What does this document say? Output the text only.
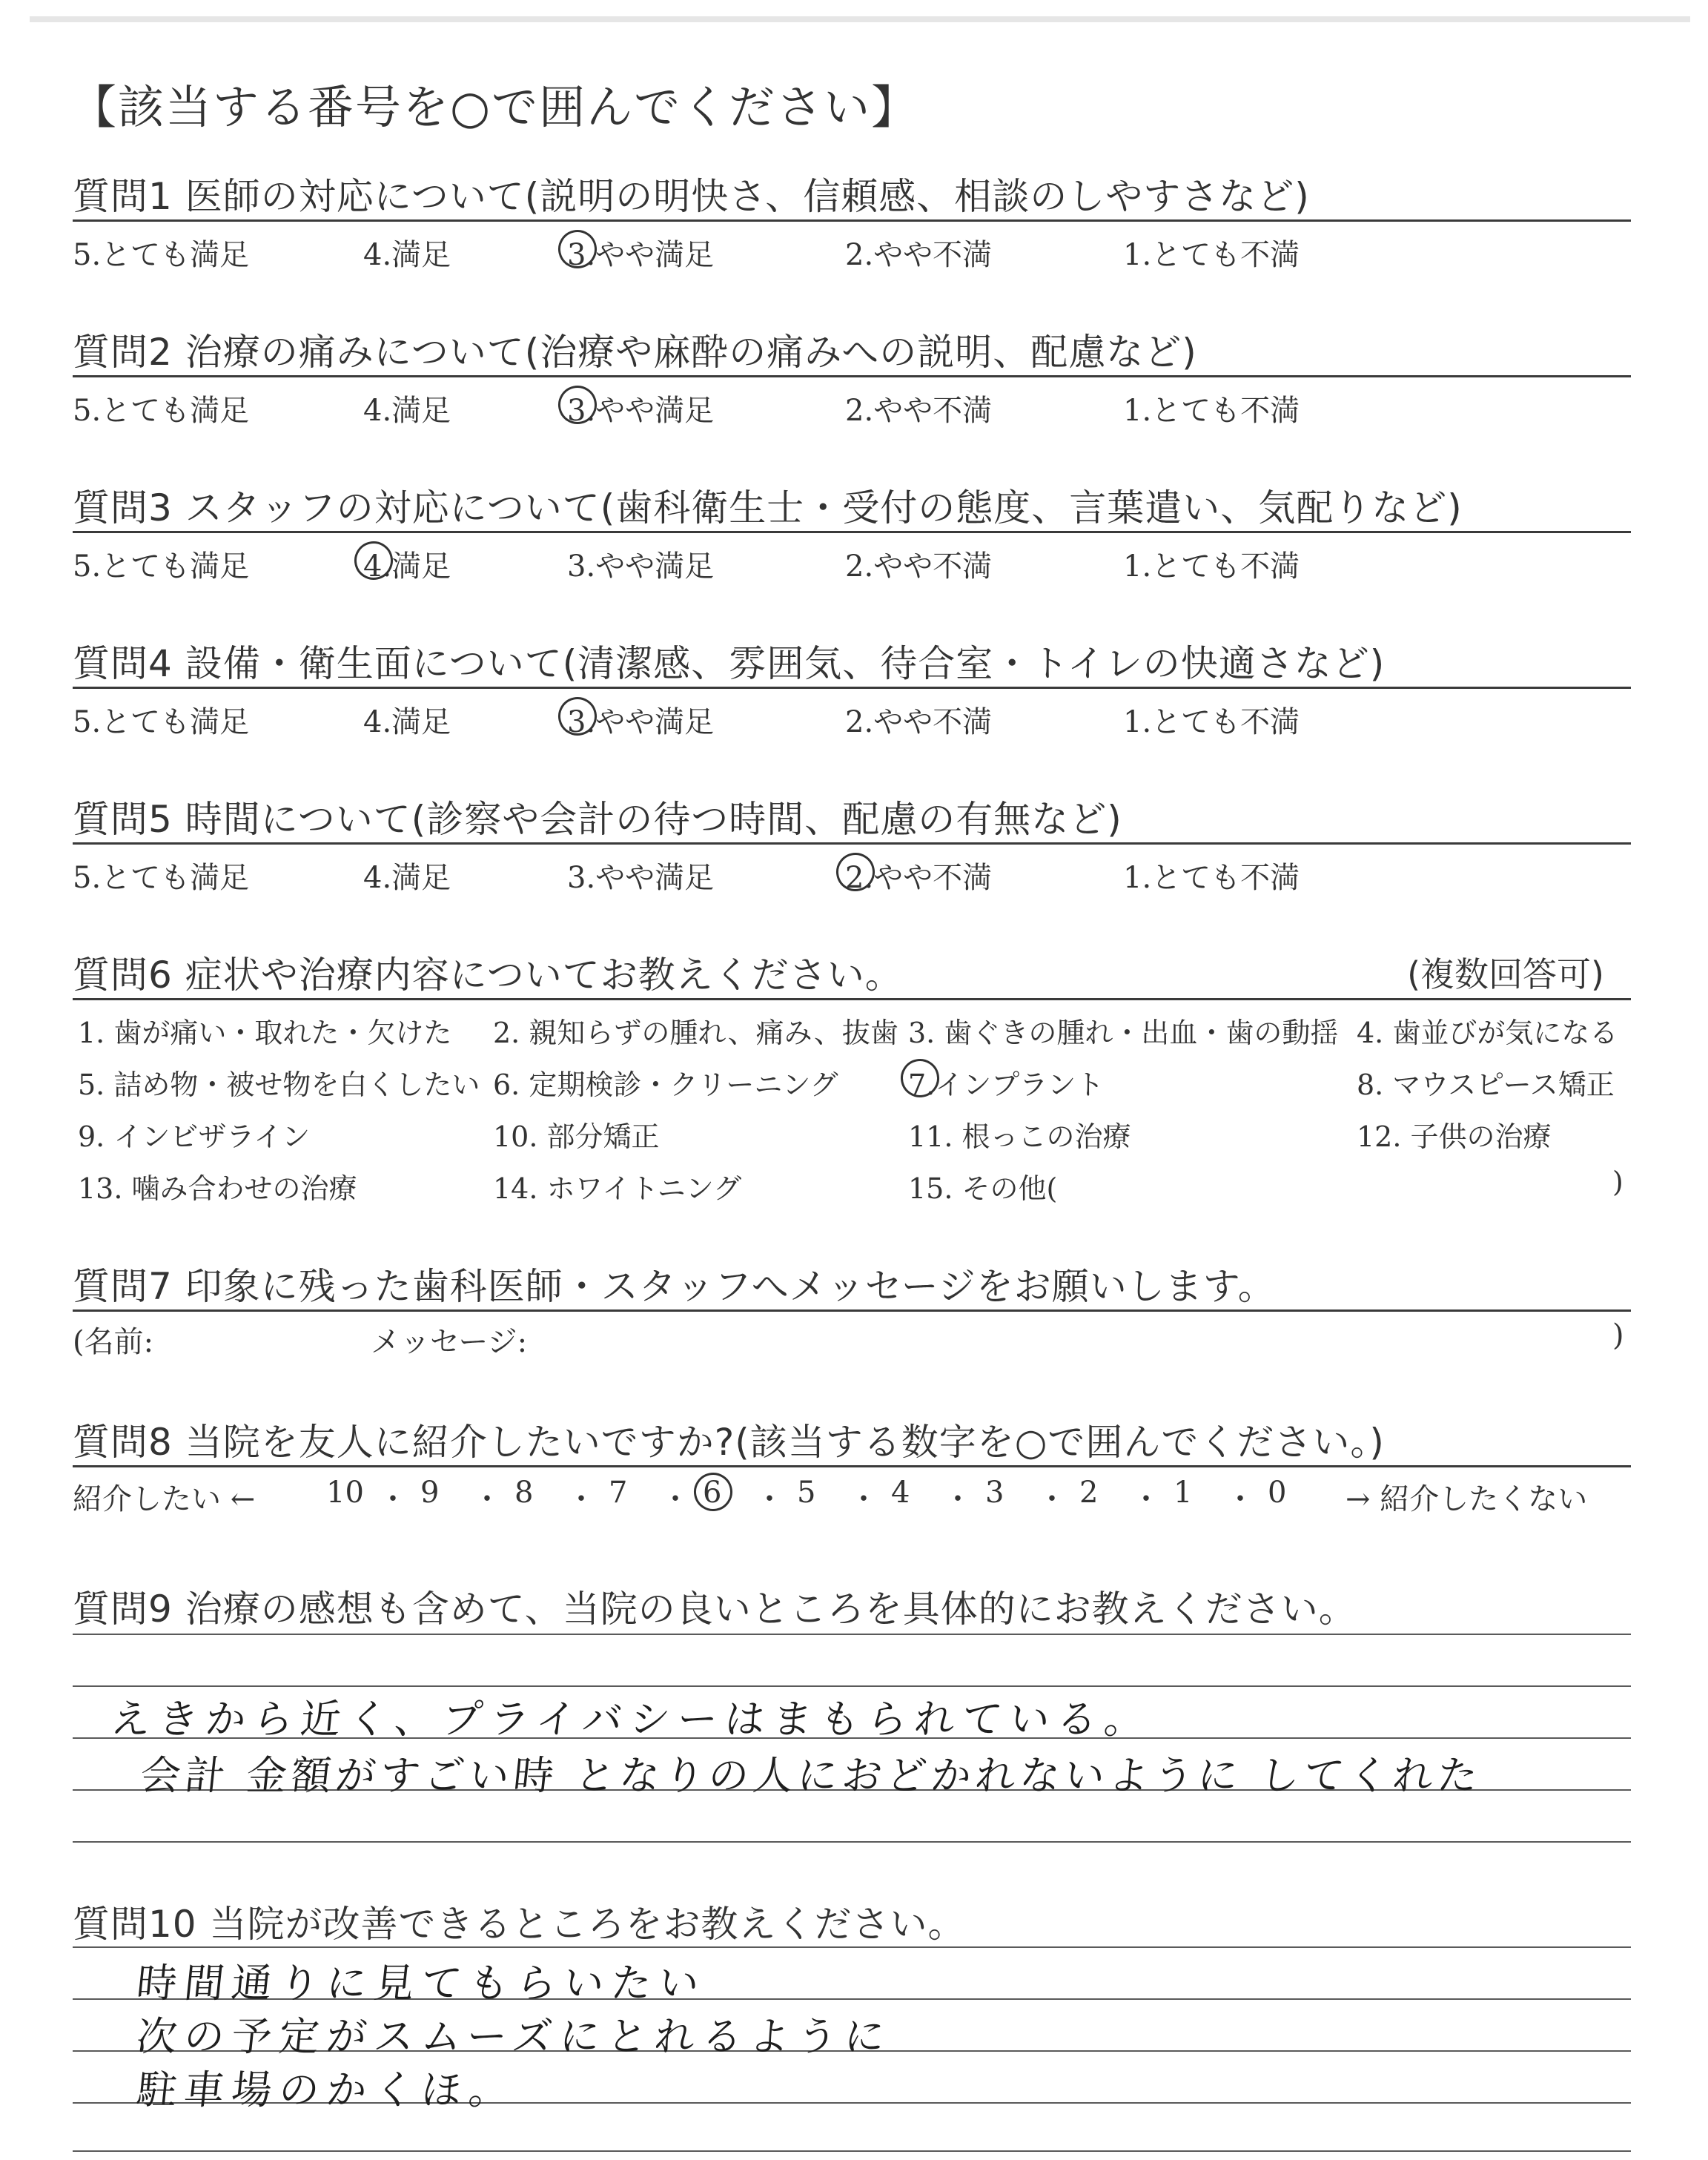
【該当する番号を○で囲んでください】
質問1 医師の対応について(説明の明快さ、信頼感、相談のしやすさなど)
5.とても満足	4.満足	3.やや満足	2.やや不満	1.とても不満
質問2 治療の痛みについて(治療や麻酔の痛みへの説明、配慮など)
5.とても満足	4.満足	3.やや満足	2.やや不満	1.とても不満
質問3 スタッフの対応について(歯科衛生士・受付の態度、言葉遣い、気配りなど)
5.とても満足	4.満足	3.やや満足	2.やや不満	1.とても不満
質問4 設備・衛生面について(清潔感、雰囲気、待合室・トイレの快適さなど)
5.とても満足	4.満足	3.やや満足	2.やや不満	1.とても不満
質問5 時間について(診察や会計の待つ時間、配慮の有無など)
5.とても満足	4.満足	3.やや満足	2.やや不満	1.とても不満
質問6 症状や治療内容についてお教えください。	(複数回答可)
1. 歯が痛い・取れた・欠けた 2. 親知らずの腫れ、痛み、抜歯 3. 歯ぐきの腫れ・出血・歯の動揺 4. 歯並びが気になる
5. 詰め物・被せ物を白くしたい 6. 定期検診・クリーニング 7.インプラント	8. マウスピース矯正
9. インビザライン	10. 部分矯正	11. 根っこの治療	12. 子供の治療
13. 噛み合わせの治療	14. ホワイトニング	15. その他(	)
質問7 印象に残った歯科医師・スタッフへメッセージをお願いします。
(名前:	メッセージ:	)
質問8 当院を友人に紹介したいですか?(該当する数字を○で囲んでください。)
紹介したい ← 10 ・ 9 ・ 8 ・ 7 ・ 6 ・ 5 ・ 4 ・ 3 ・ 2 ・ 1 ・ 0 → 紹介したくない
質問9 治療の感想も含めて、当院の良いところを具体的にお教えください。
えきから近く、プライバシーはまもられている。
会計 金額がすごい時 となりの人におどかれないように してくれた
質問10 当院が改善できるところをお教えください。
時間通りに見てもらいたい
次の予定がスムーズにとれるように
駐車場のかくほ。
